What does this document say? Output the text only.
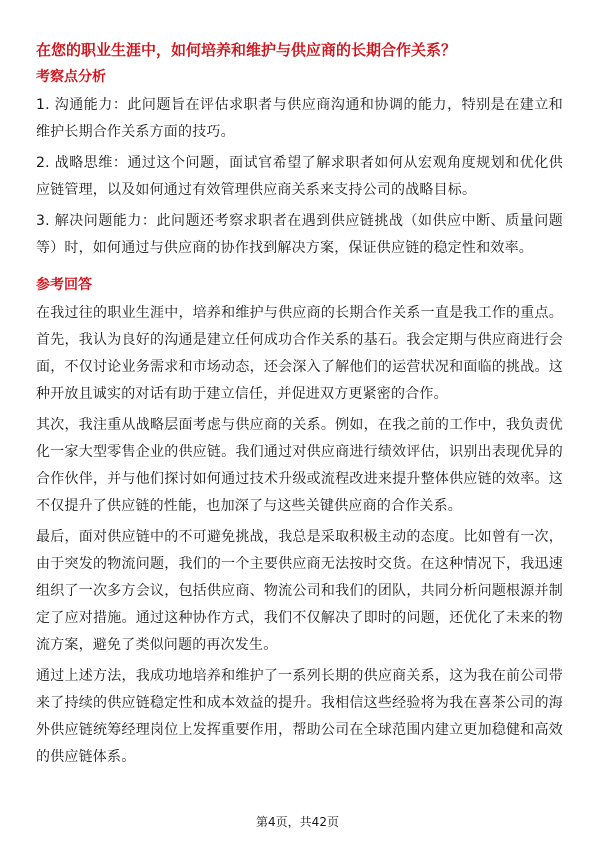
在您的职业生涯中，如何培养和维护与供应商的长期合作关系？
考察点分析
1. 沟通能力：此问题旨在评估求职者与供应商沟通和协调的能力，特别是在建立和维护长期合作关系方面的技巧。
2. 战略思维：通过这个问题，面试官希望了解求职者如何从宏观角度规划和优化供应链管理，以及如何通过有效管理供应商关系来支持公司的战略目标。
3. 解决问题能力：此问题还考察求职者在遇到供应链挑战（如供应中断、质量问题等）时，如何通过与供应商的协作找到解决方案，保证供应链的稳定性和效率。
参考回答
在我过往的职业生涯中，培养和维护与供应商的长期合作关系一直是我工作的重点。首先，我认为良好的沟通是建立任何成功合作关系的基石。我会定期与供应商进行会面，不仅讨论业务需求和市场动态，还会深入了解他们的运营状况和面临的挑战。这种开放且诚实的对话有助于建立信任，并促进双方更紧密的合作。
其次，我注重从战略层面考虑与供应商的关系。例如，在我之前的工作中，我负责优化一家大型零售企业的供应链。我们通过对供应商进行绩效评估，识别出表现优异的合作伙伴，并与他们探讨如何通过技术升级或流程改进来提升整体供应链的效率。这不仅提升了供应链的性能，也加深了与这些关键供应商的合作关系。
最后，面对供应链中的不可避免挑战，我总是采取积极主动的态度。比如曾有一次，由于突发的物流问题，我们的一个主要供应商无法按时交货。在这种情况下，我迅速组织了一次多方会议，包括供应商、物流公司和我们的团队，共同分析问题根源并制定了应对措施。通过这种协作方式，我们不仅解决了即时的问题，还优化了未来的物流方案，避免了类似问题的再次发生。
通过上述方法，我成功地培养和维护了一系列长期的供应商关系，这为我在前公司带来了持续的供应链稳定性和成本效益的提升。我相信这些经验将为我在喜茶公司的海外供应链统筹经理岗位上发挥重要作用，帮助公司在全球范围内建立更加稳健和高效的供应链体系。
第4页，共42页
